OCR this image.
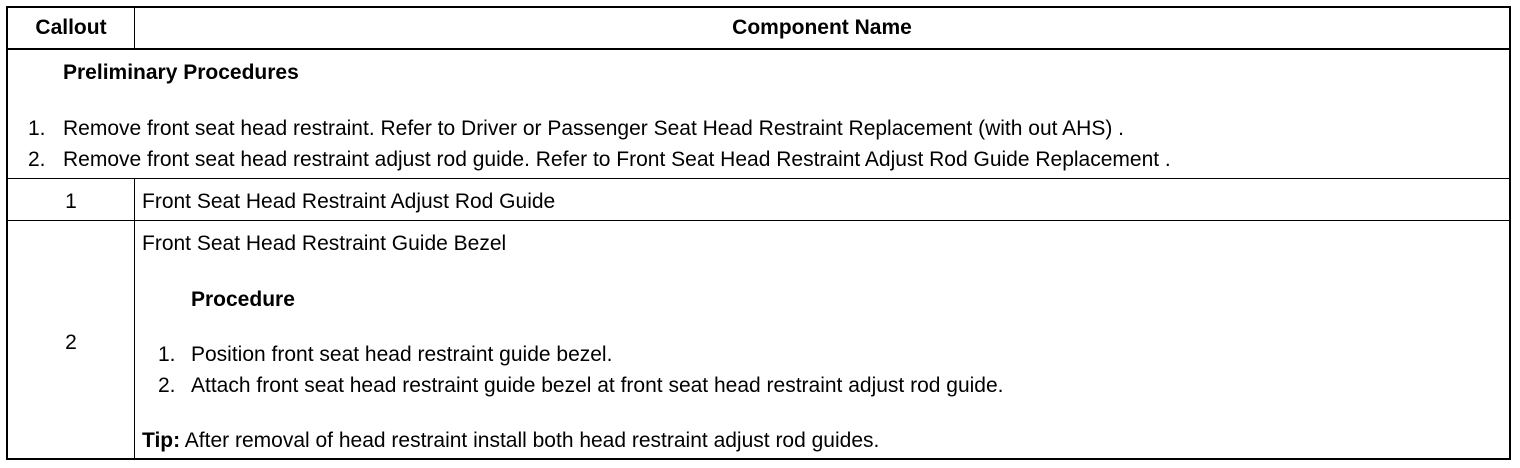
Callout	Component Name
Preliminary Procedures
1. Remove front seat head restraint. Refer to Driver or Passenger Seat Head Restraint Replacement (with out AHS) .
2. Remove front seat head restraint adjust rod guide. Refer to Front Seat Head Restraint Adjust Rod Guide Replacement .
1	Front Seat Head Restraint Adjust Rod Guide
2
Front Seat Head Restraint Guide Bezel
Procedure
1. Position front seat head restraint guide bezel.
2. Attach front seat head restraint guide bezel at front seat head restraint adjust rod guide.
Tip: After removal of head restraint install both head restraint adjust rod guides.
